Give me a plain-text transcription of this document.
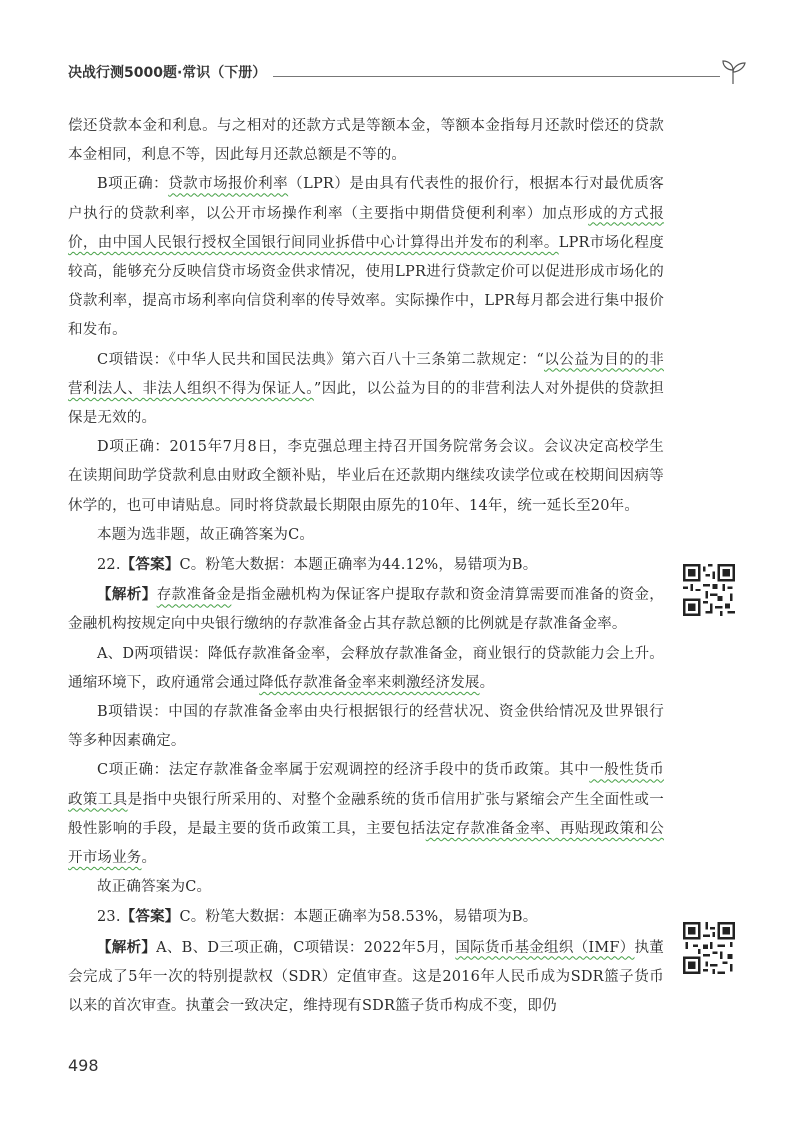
决战行测5000题·常识（下册）

偿还贷款本金和利息。与之相对的还款方式是等额本金，等额本金指每月还款时偿还的贷款本金相同，利息不等，因此每月还款总额是不等的。

B项正确：贷款市场报价利率（LPR）是由具有代表性的报价行，根据本行对最优质客户执行的贷款利率，以公开市场操作利率（主要指中期借贷便利利率）加点形成的方式报价，由中国人民银行授权全国银行间同业拆借中心计算得出并发布的利率。LPR市场化程度较高，能够充分反映信贷市场资金供求情况，使用LPR进行贷款定价可以促进形成市场化的贷款利率，提高市场利率向信贷利率的传导效率。实际操作中，LPR每月都会进行集中报价和发布。

C项错误：《中华人民共和国民法典》第六百八十三条第二款规定：“以公益为目的的非营利法人、非法人组织不得为保证人。”因此，以公益为目的的非营利法人对外提供的贷款担保是无效的。

D项正确：2015年7月8日，李克强总理主持召开国务院常务会议。会议决定高校学生在读期间助学贷款利息由财政全额补贴，毕业后在还款期内继续攻读学位或在校期间因病等休学的，也可申请贴息。同时将贷款最长期限由原先的10年、14年，统一延长至20年。

本题为选非题，故正确答案为C。

22.【答案】C。粉笔大数据：本题正确率为44.12%，易错项为B。

【解析】存款准备金是指金融机构为保证客户提取存款和资金清算需要而准备的资金，金融机构按规定向中央银行缴纳的存款准备金占其存款总额的比例就是存款准备金率。

A、D两项错误：降低存款准备金率，会释放存款准备金，商业银行的贷款能力会上升。通缩环境下，政府通常会通过降低存款准备金率来刺激经济发展。

B项错误：中国的存款准备金率由央行根据银行的经营状况、资金供给情况及世界银行等多种因素确定。

C项正确：法定存款准备金率属于宏观调控的经济手段中的货币政策。其中一般性货币政策工具是指中央银行所采用的、对整个金融系统的货币信用扩张与紧缩会产生全面性或一般性影响的手段，是最主要的货币政策工具，主要包括法定存款准备金率、再贴现政策和公开市场业务。

故正确答案为C。

23.【答案】C。粉笔大数据：本题正确率为58.53%，易错项为B。

【解析】A、B、D三项正确，C项错误：2022年5月，国际货币基金组织（IMF）执董会完成了5年一次的特别提款权（SDR）定值审查。这是2016年人民币成为SDR篮子货币以来的首次审查。执董会一致决定，维持现有SDR篮子货币构成不变，即仍

498
